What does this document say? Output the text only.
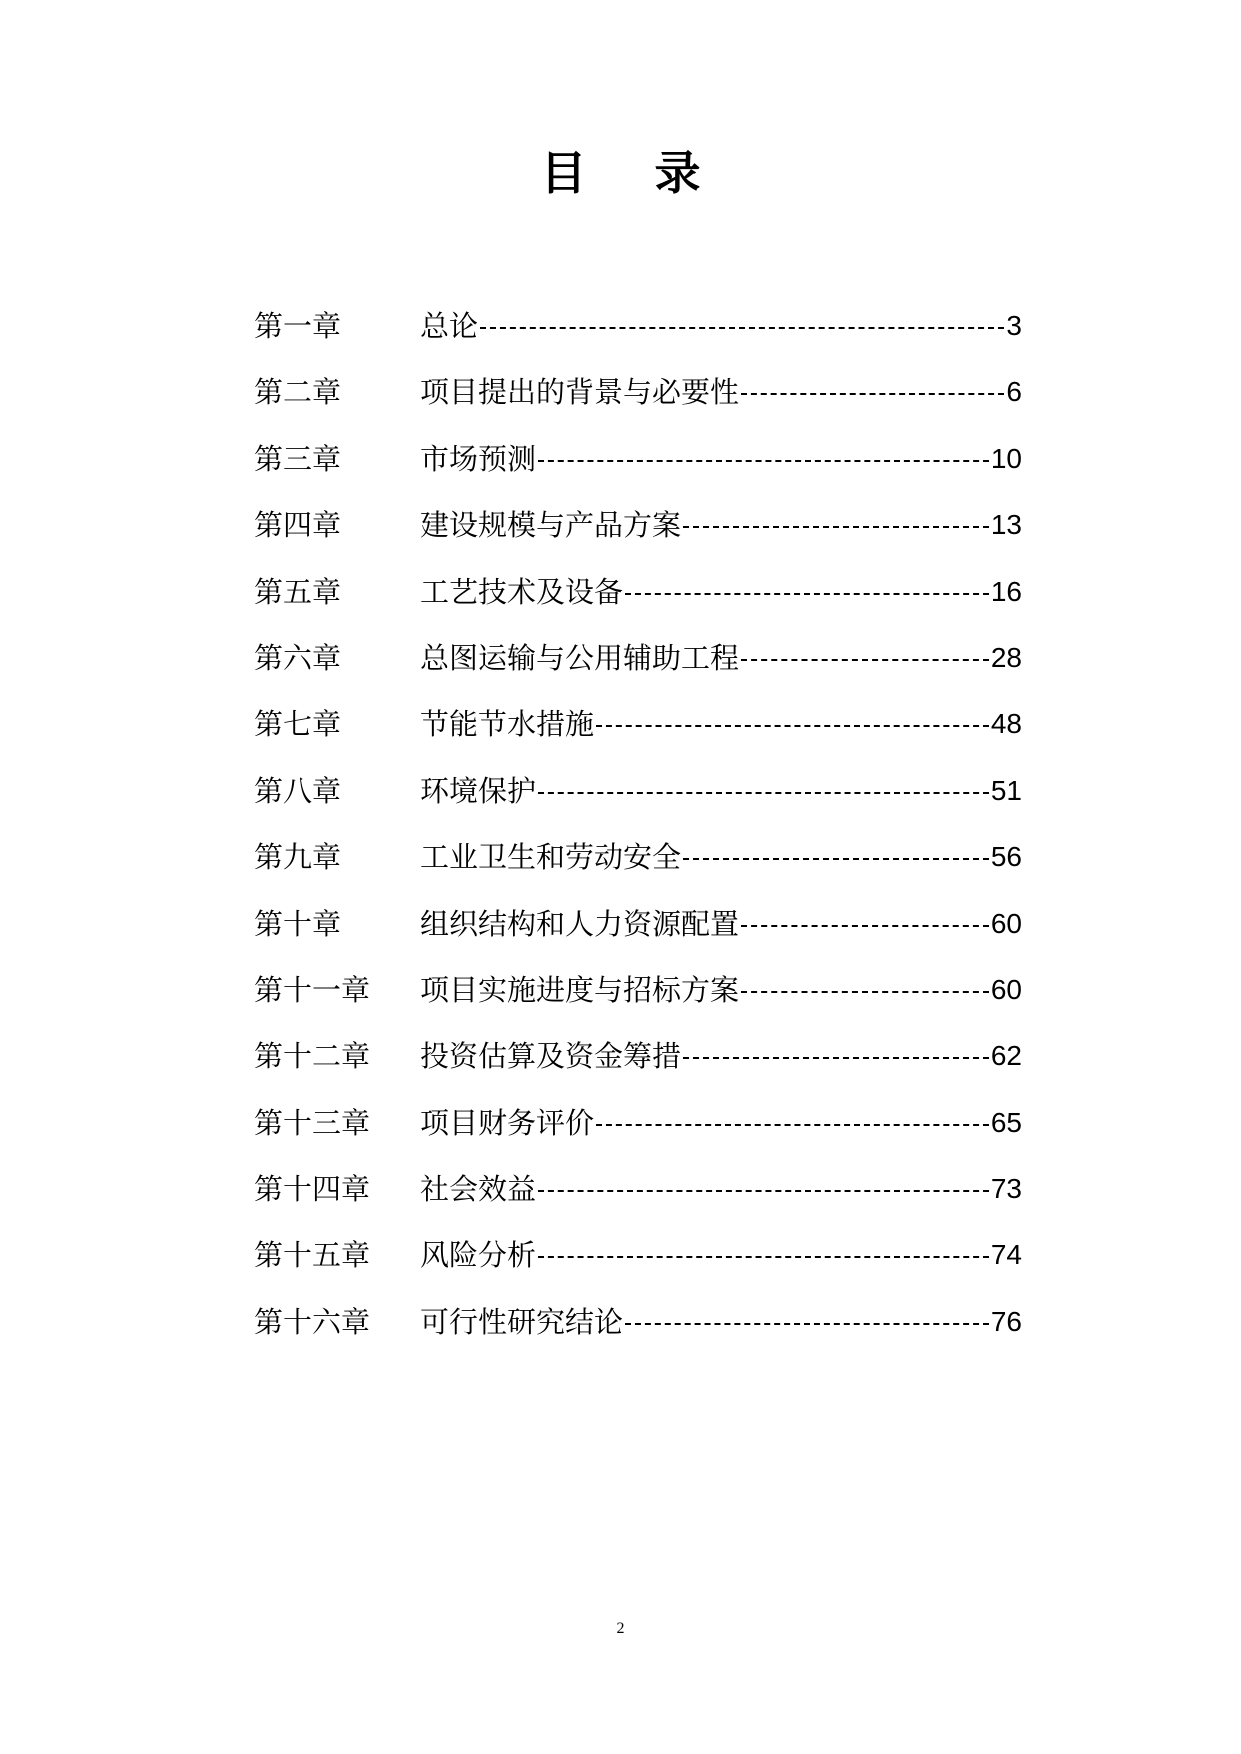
目录
第一章	总论	3
第二章	项目提出的背景与必要性	6
第三章	市场预测	10
第四章	建设规模与产品方案	13
第五章	工艺技术及设备	16
第六章	总图运输与公用辅助工程	28
第七章	节能节水措施	48
第八章	环境保护	51
第九章	工业卫生和劳动安全	56
第十章	组织结构和人力资源配置	60
第十一章	项目实施进度与招标方案	60
第十二章	投资估算及资金筹措	62
第十三章	项目财务评价	65
第十四章	社会效益	73
第十五章	风险分析	74
第十六章	可行性研究结论	76
2
